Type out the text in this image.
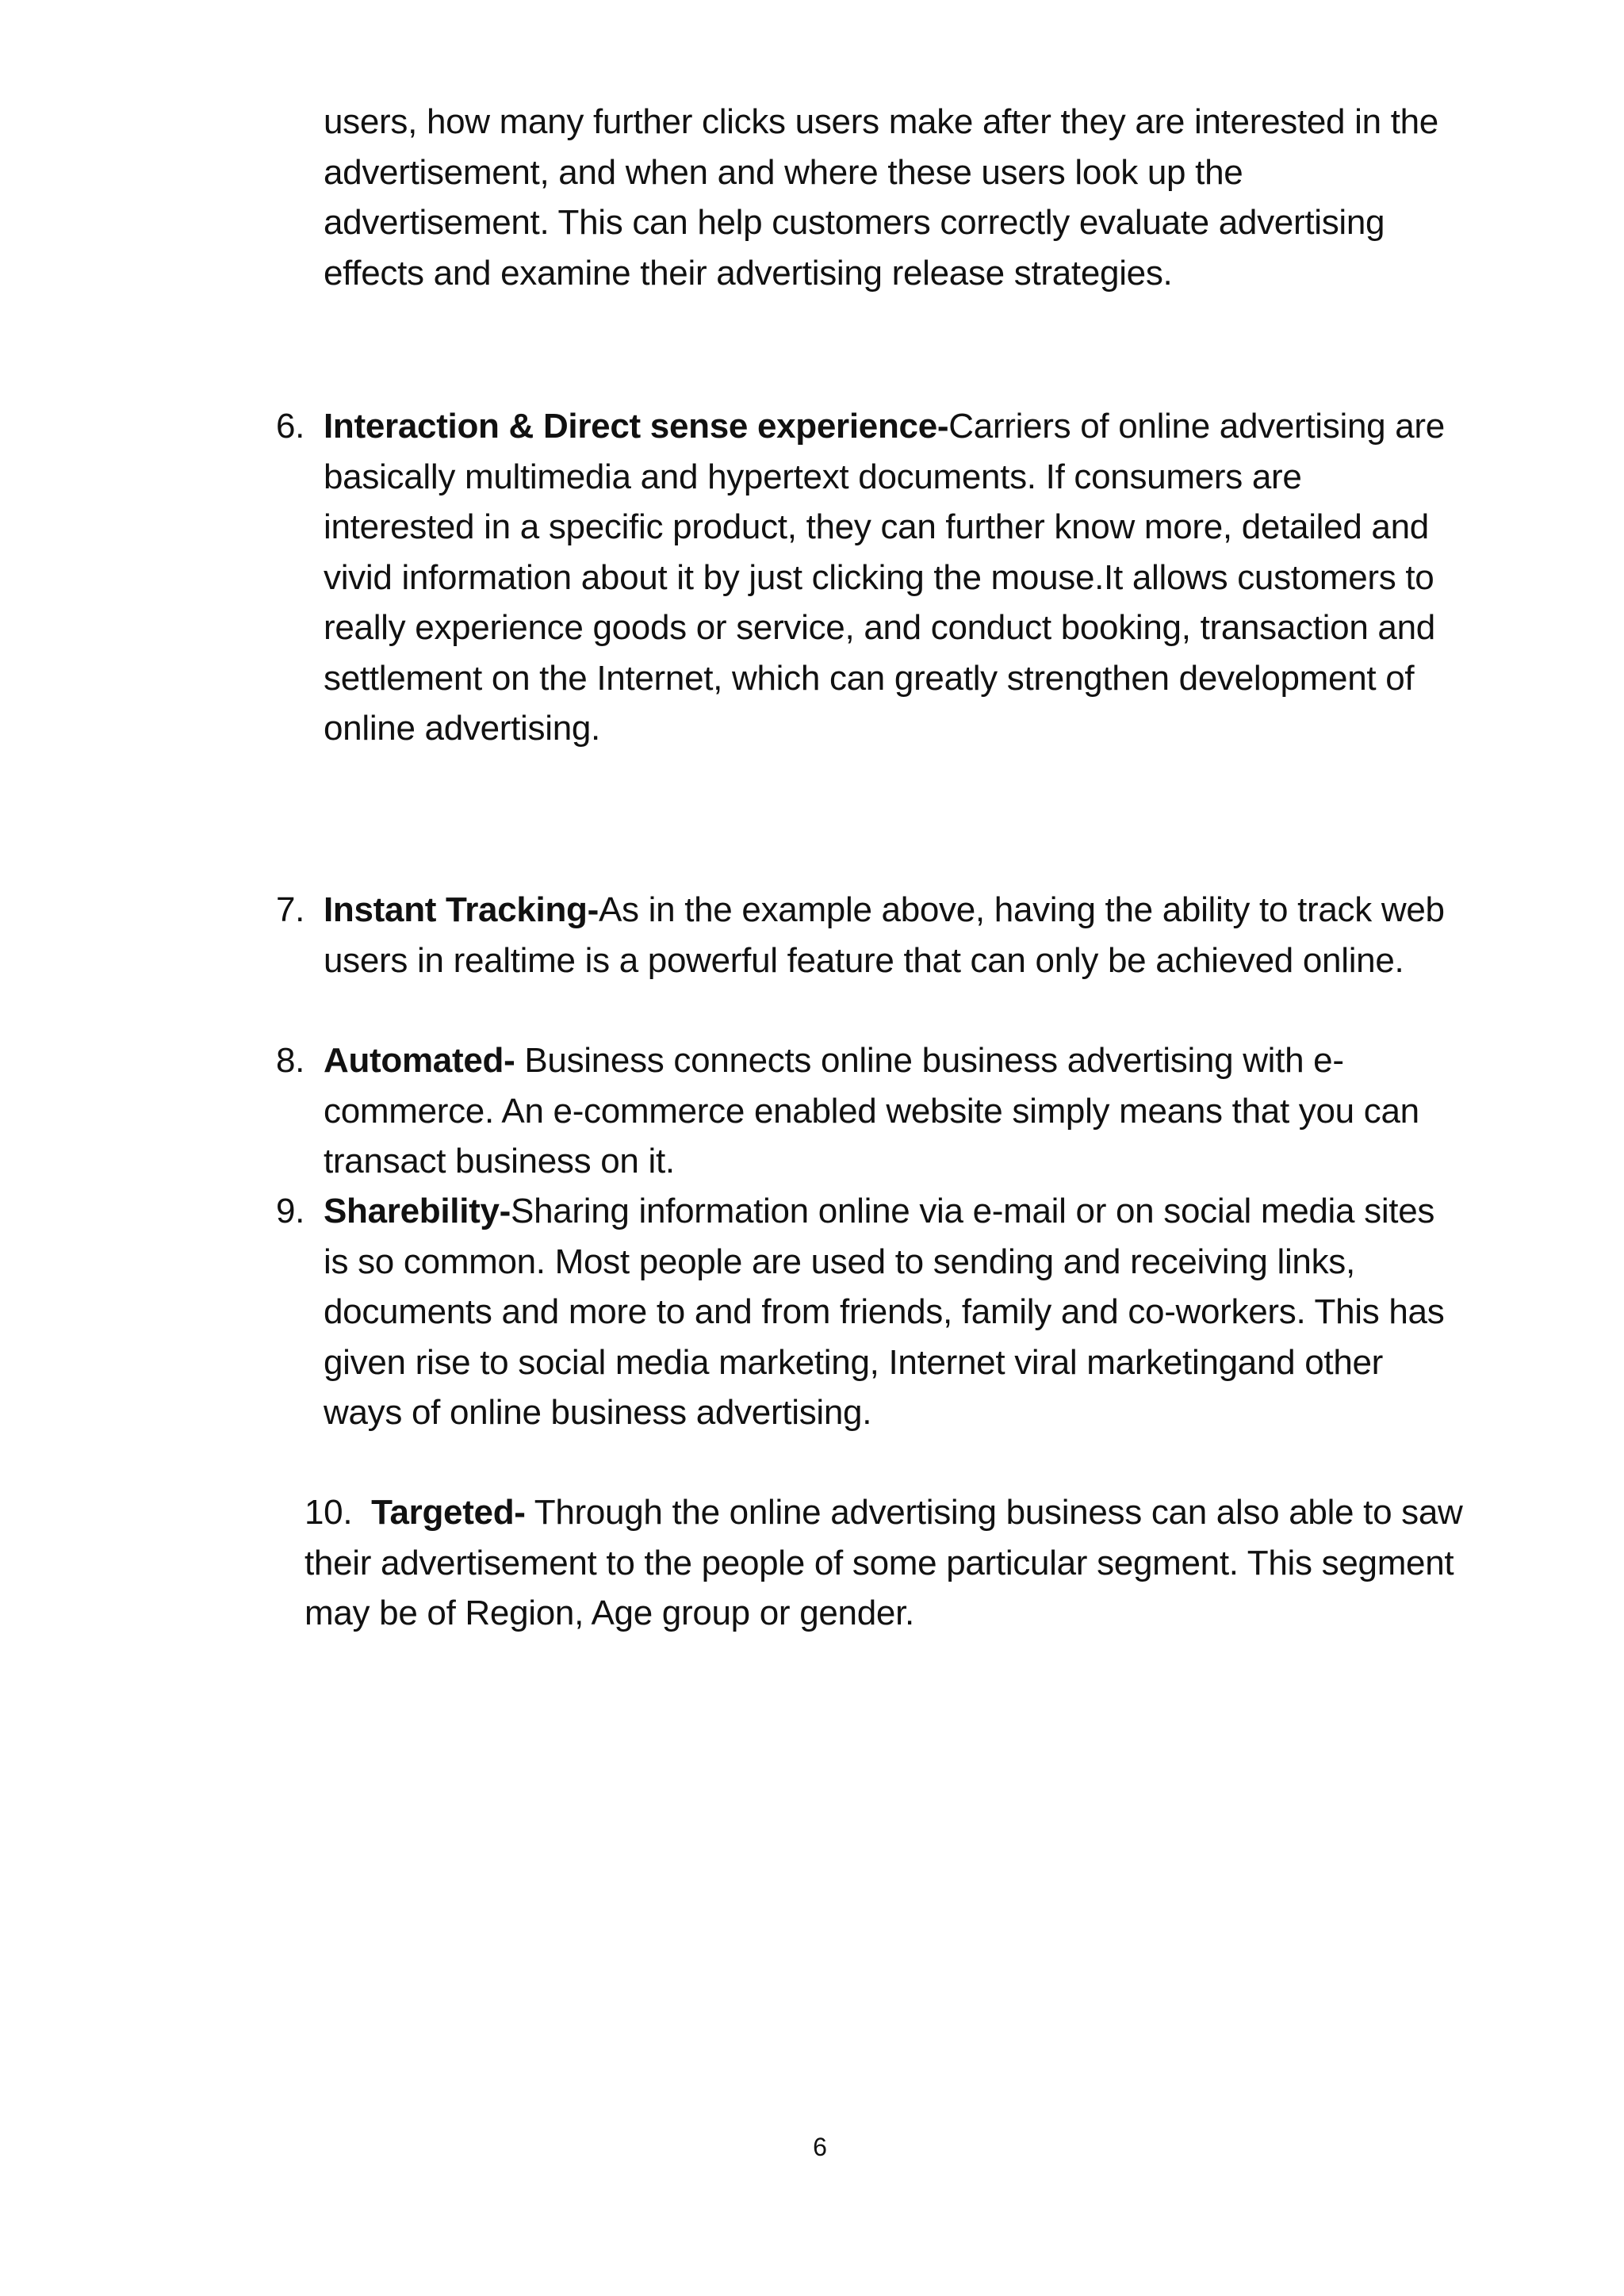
users, how many further clicks users make after they are interested in the advertisement, and when and where these users look up the advertisement. This can help customers correctly evaluate advertising effects and examine their advertising release strategies.

6. Interaction & Direct sense experience-Carriers of online advertising are basically multimedia and hypertext documents. If consumers are interested in a specific product, they can further know more, detailed and vivid information about it by just clicking the mouse.It allows customers to really experience goods or service, and conduct booking, transaction and settlement on the Internet, which can greatly strengthen development of online advertising.
7. Instant Tracking-As in the example above, having the ability to track web users in realtime is a powerful feature that can only be achieved online.
8. Automated- Business connects online business advertising with e-commerce. An e-commerce enabled website simply means that you can transact business on it.
9. Sharebility-Sharing information online via e-mail or on social media sites is so common. Most people are used to sending and receiving links, documents and more to and from friends, family and co-workers. This has given rise to social media marketing, Internet viral marketingand other ways of online business advertising.
10. Targeted- Through the online advertising business can also able to saw their advertisement to the people of some particular segment. This segment may be of Region, Age group or gender.
6
